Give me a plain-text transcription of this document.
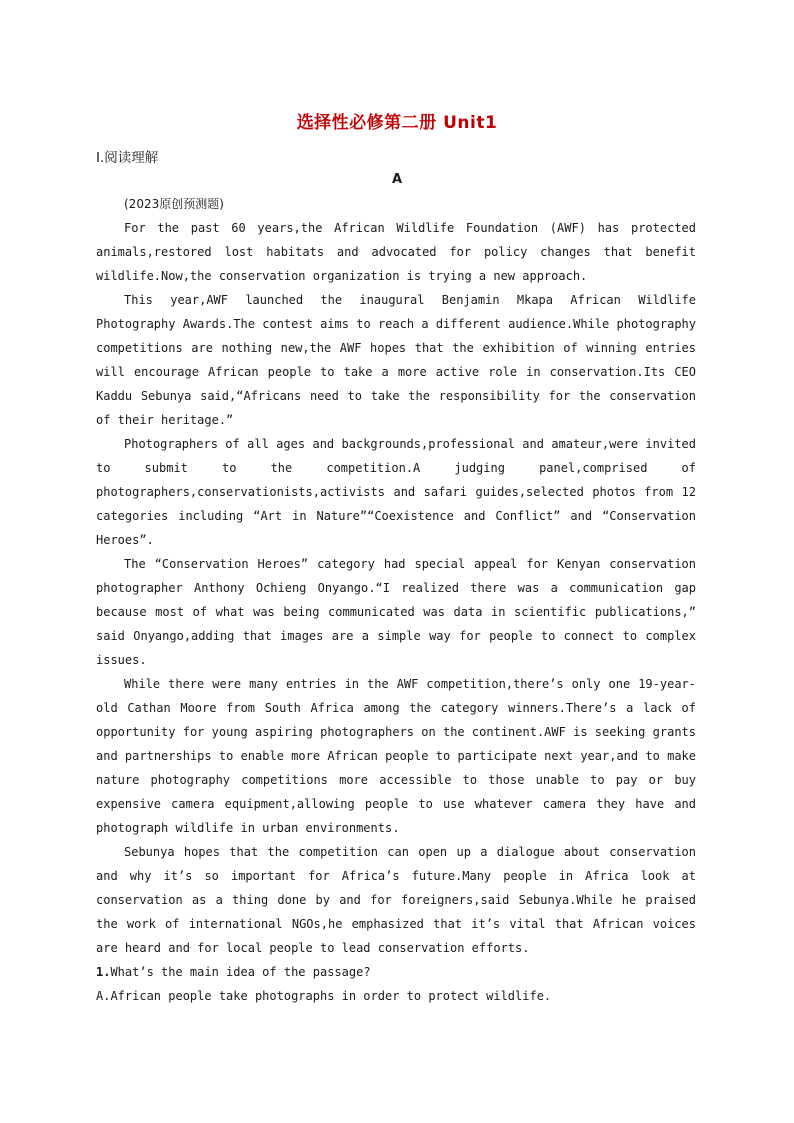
选择性必修第二册 Unit1
Ⅰ.阅读理解
A
(2023原创预测题)

For the past 60 years,the African Wildlife Foundation (AWF) has protected animals,restored lost habitats and advocated for policy changes that benefit wildlife.Now,the conservation organization is trying a new approach.

This year,AWF launched the inaugural Benjamin Mkapa African Wildlife Photography Awards.The contest aims to reach a different audience.While photography competitions are nothing new,the AWF hopes that the exhibition of winning entries will encourage African people to take a more active role in conservation.Its CEO Kaddu Sebunya said,“Africans need to take the responsibility for the conservation of their heritage.”

Photographers of all ages and backgrounds,professional and amateur,were invited to submit to the competition.A judging panel,comprised of photographers,conservationists,activists and safari guides,selected photos from 12 categories including “Art in Nature”“Coexistence and Conflict” and “Conservation Heroes”.

The “Conservation Heroes” category had special appeal for Kenyan conservation photographer Anthony Ochieng Onyango.“I realized there was a communication gap because most of what was being communicated was data in scientific publications,” said Onyango,adding that images are a simple way for people to connect to complex issues.

While there were many entries in the AWF competition,there’s only one 19-year-old Cathan Moore from South Africa among the category winners.There’s a lack of opportunity for young aspiring photographers on the continent.AWF is seeking grants and partnerships to enable more African people to participate next year,and to make nature photography competitions more accessible to those unable to pay or buy expensive camera equipment,allowing people to use whatever camera they have and photograph wildlife in urban environments.

Sebunya hopes that the competition can open up a dialogue about conservation and why it’s so important for Africa’s future.Many people in Africa look at conservation as a thing done by and for foreigners,said Sebunya.While he praised the work of international NGOs,he emphasized that it’s vital that African voices are heard and for local people to lead conservation efforts.

1.What’s the main idea of the passage?

A.African people take photographs in order to protect wildlife.
